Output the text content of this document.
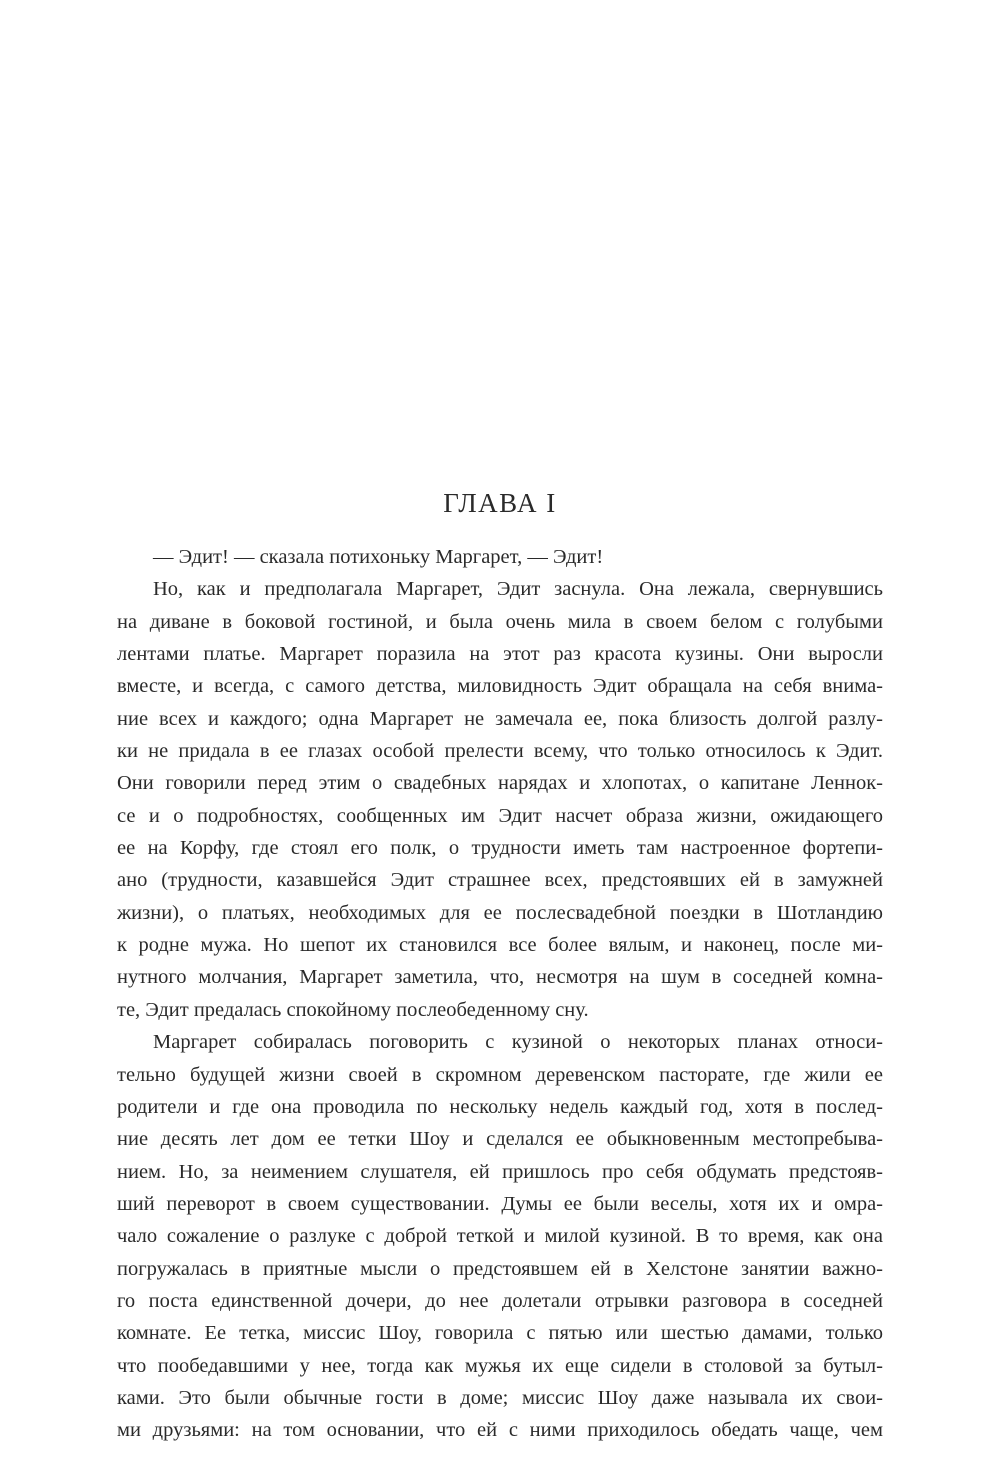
ГЛАВА I
— Эдит! — сказала потихоньку Маргарет, — Эдит!
Но, как и предполагала Маргарет, Эдит заснула. Она лежала, свернувшись
на диване в боковой гостиной, и была очень мила в своем белом с голубыми
лентами платье. Маргарет поразила на этот раз красота кузины. Они выросли
вместе, и всегда, с самого детства, миловидность Эдит обращала на себя внима-
ние всех и каждого; одна Маргарет не замечала ее, пока близость долгой разлу-
ки не придала в ее глазах особой прелести всему, что только относилось к Эдит.
Они говорили перед этим о свадебных нарядах и хлопотах, о капитане Леннок-
се и о подробностях, сообщенных им Эдит насчет образа жизни, ожидающего
ее на Корфу, где стоял его полк, о трудности иметь там настроенное фортепи-
ано (трудности, казавшейся Эдит страшнее всех, предстоявших ей в замужней
жизни), о платьях, необходимых для ее послесвадебной поездки в Шотландию
к родне мужа. Но шепот их становился все более вялым, и наконец, после ми-
нутного молчания, Маргарет заметила, что, несмотря на шум в соседней комна-
те, Эдит предалась спокойному послеобеденному сну.
Маргарет собиралась поговорить с кузиной о некоторых планах относи-
тельно будущей жизни своей в скромном деревенском пасторате, где жили ее
родители и где она проводила по нескольку недель каждый год, хотя в послед-
ние десять лет дом ее тетки Шоу и сделался ее обыкновенным местопребыва-
нием. Но, за неимением слушателя, ей пришлось про себя обдумать предстояв-
ший переворот в своем существовании. Думы ее были веселы, хотя их и омра-
чало сожаление о разлуке с доброй теткой и милой кузиной. В то время, как она
погружалась в приятные мысли о предстоявшем ей в Хелстоне занятии важно-
го поста единственной дочери, до нее долетали отрывки разговора в соседней
комнате. Ее тетка, миссис Шоу, говорила с пятью или шестью дамами, только
что пообедавшими у нее, тогда как мужья их еще сидели в столовой за бутыл-
ками. Это были обычные гости в доме; миссис Шоу даже называла их свои-
ми друзьями: на том основании, что ей с ними приходилось обедать чаще, чем
